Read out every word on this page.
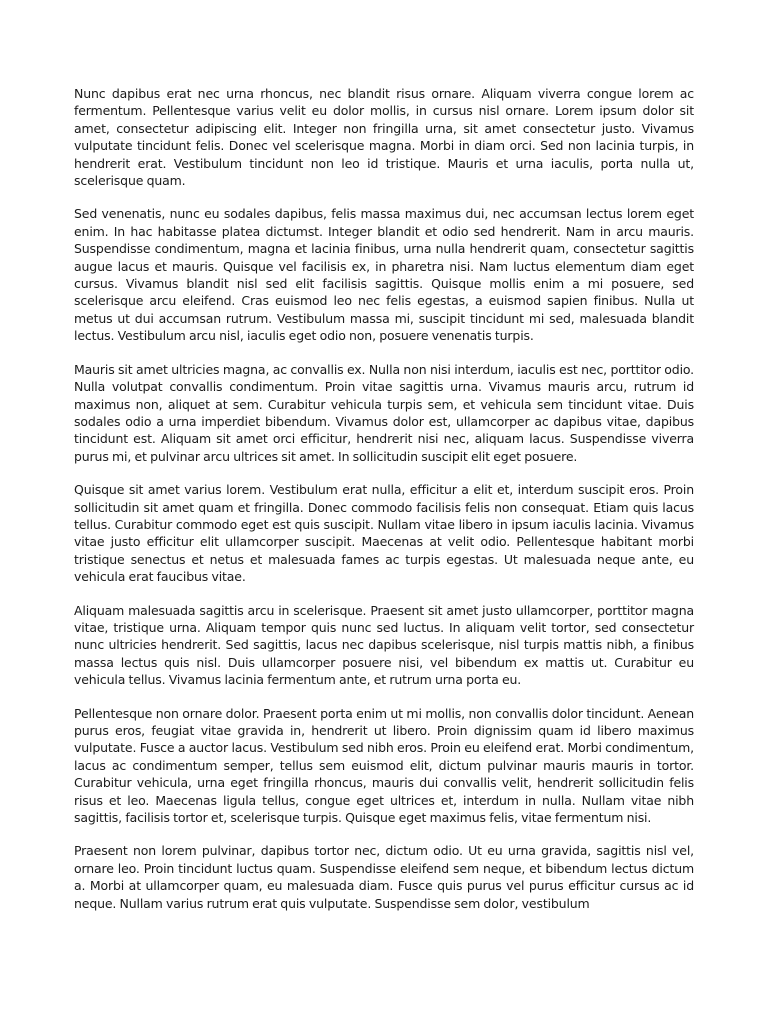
Nunc dapibus erat nec urna rhoncus, nec blandit risus ornare. Aliquam viverra congue lorem ac fermentum. Pellentesque varius velit eu dolor mollis, in cursus nisl ornare. Lorem ipsum dolor sit amet, consectetur adipiscing elit. Integer non fringilla urna, sit amet consectetur justo. Vivamus vulputate tincidunt felis. Donec vel scelerisque magna. Morbi in diam orci. Sed non lacinia turpis, in hendrerit erat. Vestibulum tincidunt non leo id tristique. Mauris et urna iaculis, porta nulla ut, scelerisque quam.

Sed venenatis, nunc eu sodales dapibus, felis massa maximus dui, nec accumsan lectus lorem eget enim. In hac habitasse platea dictumst. Integer blandit et odio sed hendrerit. Nam in arcu mauris. Suspendisse condimentum, magna et lacinia finibus, urna nulla hendrerit quam, consectetur sagittis augue lacus et mauris. Quisque vel facilisis ex, in pharetra nisi. Nam luctus elementum diam eget cursus. Vivamus blandit nisl sed elit facilisis sagittis. Quisque mollis enim a mi posuere, sed scelerisque arcu eleifend. Cras euismod leo nec felis egestas, a euismod sapien finibus. Nulla ut metus ut dui accumsan rutrum. Vestibulum massa mi, suscipit tincidunt mi sed, malesuada blandit lectus. Vestibulum arcu nisl, iaculis eget odio non, posuere venenatis turpis.

Mauris sit amet ultricies magna, ac convallis ex. Nulla non nisi interdum, iaculis est nec, porttitor odio. Nulla volutpat convallis condimentum. Proin vitae sagittis urna. Vivamus mauris arcu, rutrum id maximus non, aliquet at sem. Curabitur vehicula turpis sem, et vehicula sem tincidunt vitae. Duis sodales odio a urna imperdiet bibendum. Vivamus dolor est, ullamcorper ac dapibus vitae, dapibus tincidunt est. Aliquam sit amet orci efficitur, hendrerit nisi nec, aliquam lacus. Suspendisse viverra purus mi, et pulvinar arcu ultrices sit amet. In sollicitudin suscipit elit eget posuere.

Quisque sit amet varius lorem. Vestibulum erat nulla, efficitur a elit et, interdum suscipit eros. Proin sollicitudin sit amet quam et fringilla. Donec commodo facilisis felis non consequat. Etiam quis lacus tellus. Curabitur commodo eget est quis suscipit. Nullam vitae libero in ipsum iaculis lacinia. Vivamus vitae justo efficitur elit ullamcorper suscipit. Maecenas at velit odio. Pellentesque habitant morbi tristique senectus et netus et malesuada fames ac turpis egestas. Ut malesuada neque ante, eu vehicula erat faucibus vitae.

Aliquam malesuada sagittis arcu in scelerisque. Praesent sit amet justo ullamcorper, porttitor magna vitae, tristique urna. Aliquam tempor quis nunc sed luctus. In aliquam velit tortor, sed consectetur nunc ultricies hendrerit. Sed sagittis, lacus nec dapibus scelerisque, nisl turpis mattis nibh, a finibus massa lectus quis nisl. Duis ullamcorper posuere nisi, vel bibendum ex mattis ut. Curabitur eu vehicula tellus. Vivamus lacinia fermentum ante, et rutrum urna porta eu.

Pellentesque non ornare dolor. Praesent porta enim ut mi mollis, non convallis dolor tincidunt. Aenean purus eros, feugiat vitae gravida in, hendrerit ut libero. Proin dignissim quam id libero maximus vulputate. Fusce a auctor lacus. Vestibulum sed nibh eros. Proin eu eleifend erat. Morbi condimentum, lacus ac condimentum semper, tellus sem euismod elit, dictum pulvinar mauris mauris in tortor. Curabitur vehicula, urna eget fringilla rhoncus, mauris dui convallis velit, hendrerit sollicitudin felis risus et leo. Maecenas ligula tellus, congue eget ultrices et, interdum in nulla. Nullam vitae nibh sagittis, facilisis tortor et, scelerisque turpis. Quisque eget maximus felis, vitae fermentum nisi.

Praesent non lorem pulvinar, dapibus tortor nec, dictum odio. Ut eu urna gravida, sagittis nisl vel, ornare leo. Proin tincidunt luctus quam. Suspendisse eleifend sem neque, et bibendum lectus dictum a. Morbi at ullamcorper quam, eu malesuada diam. Fusce quis purus vel purus efficitur cursus ac id neque. Nullam varius rutrum erat quis vulputate. Suspendisse sem dolor, vestibulum
